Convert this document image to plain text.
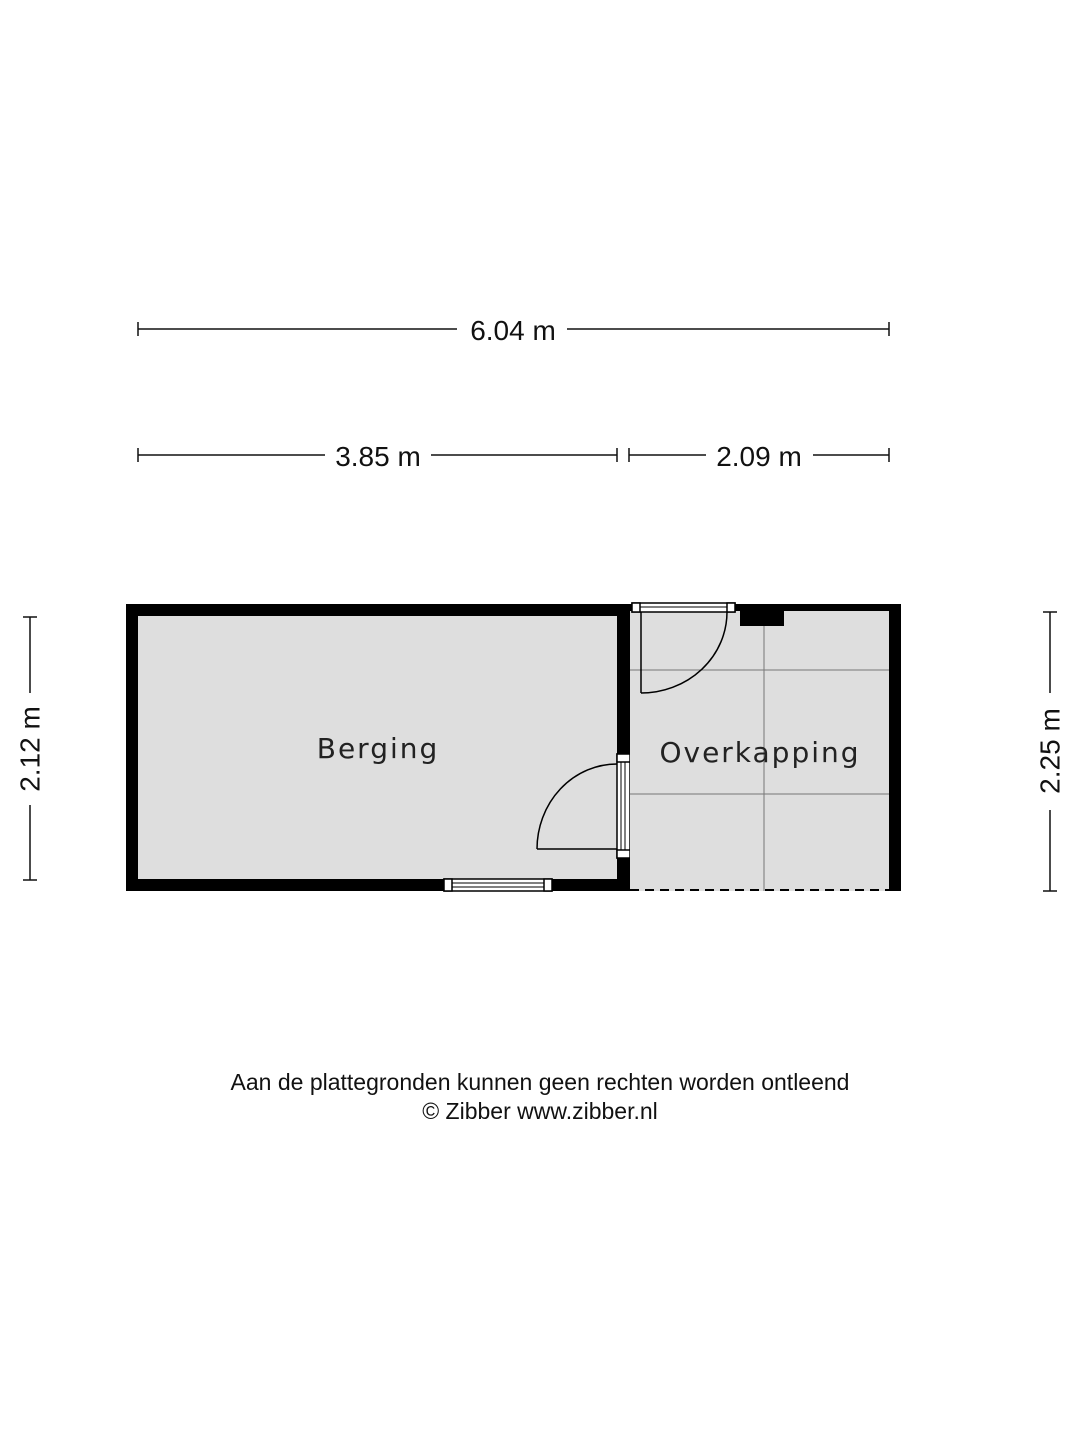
6.04 m
3.85 m	2.09 m
2.12 m	2.25 m
Berging	Overkapping
Aan de plattegronden kunnen geen rechten worden ontleend
© Zibber www.zibber.nl
